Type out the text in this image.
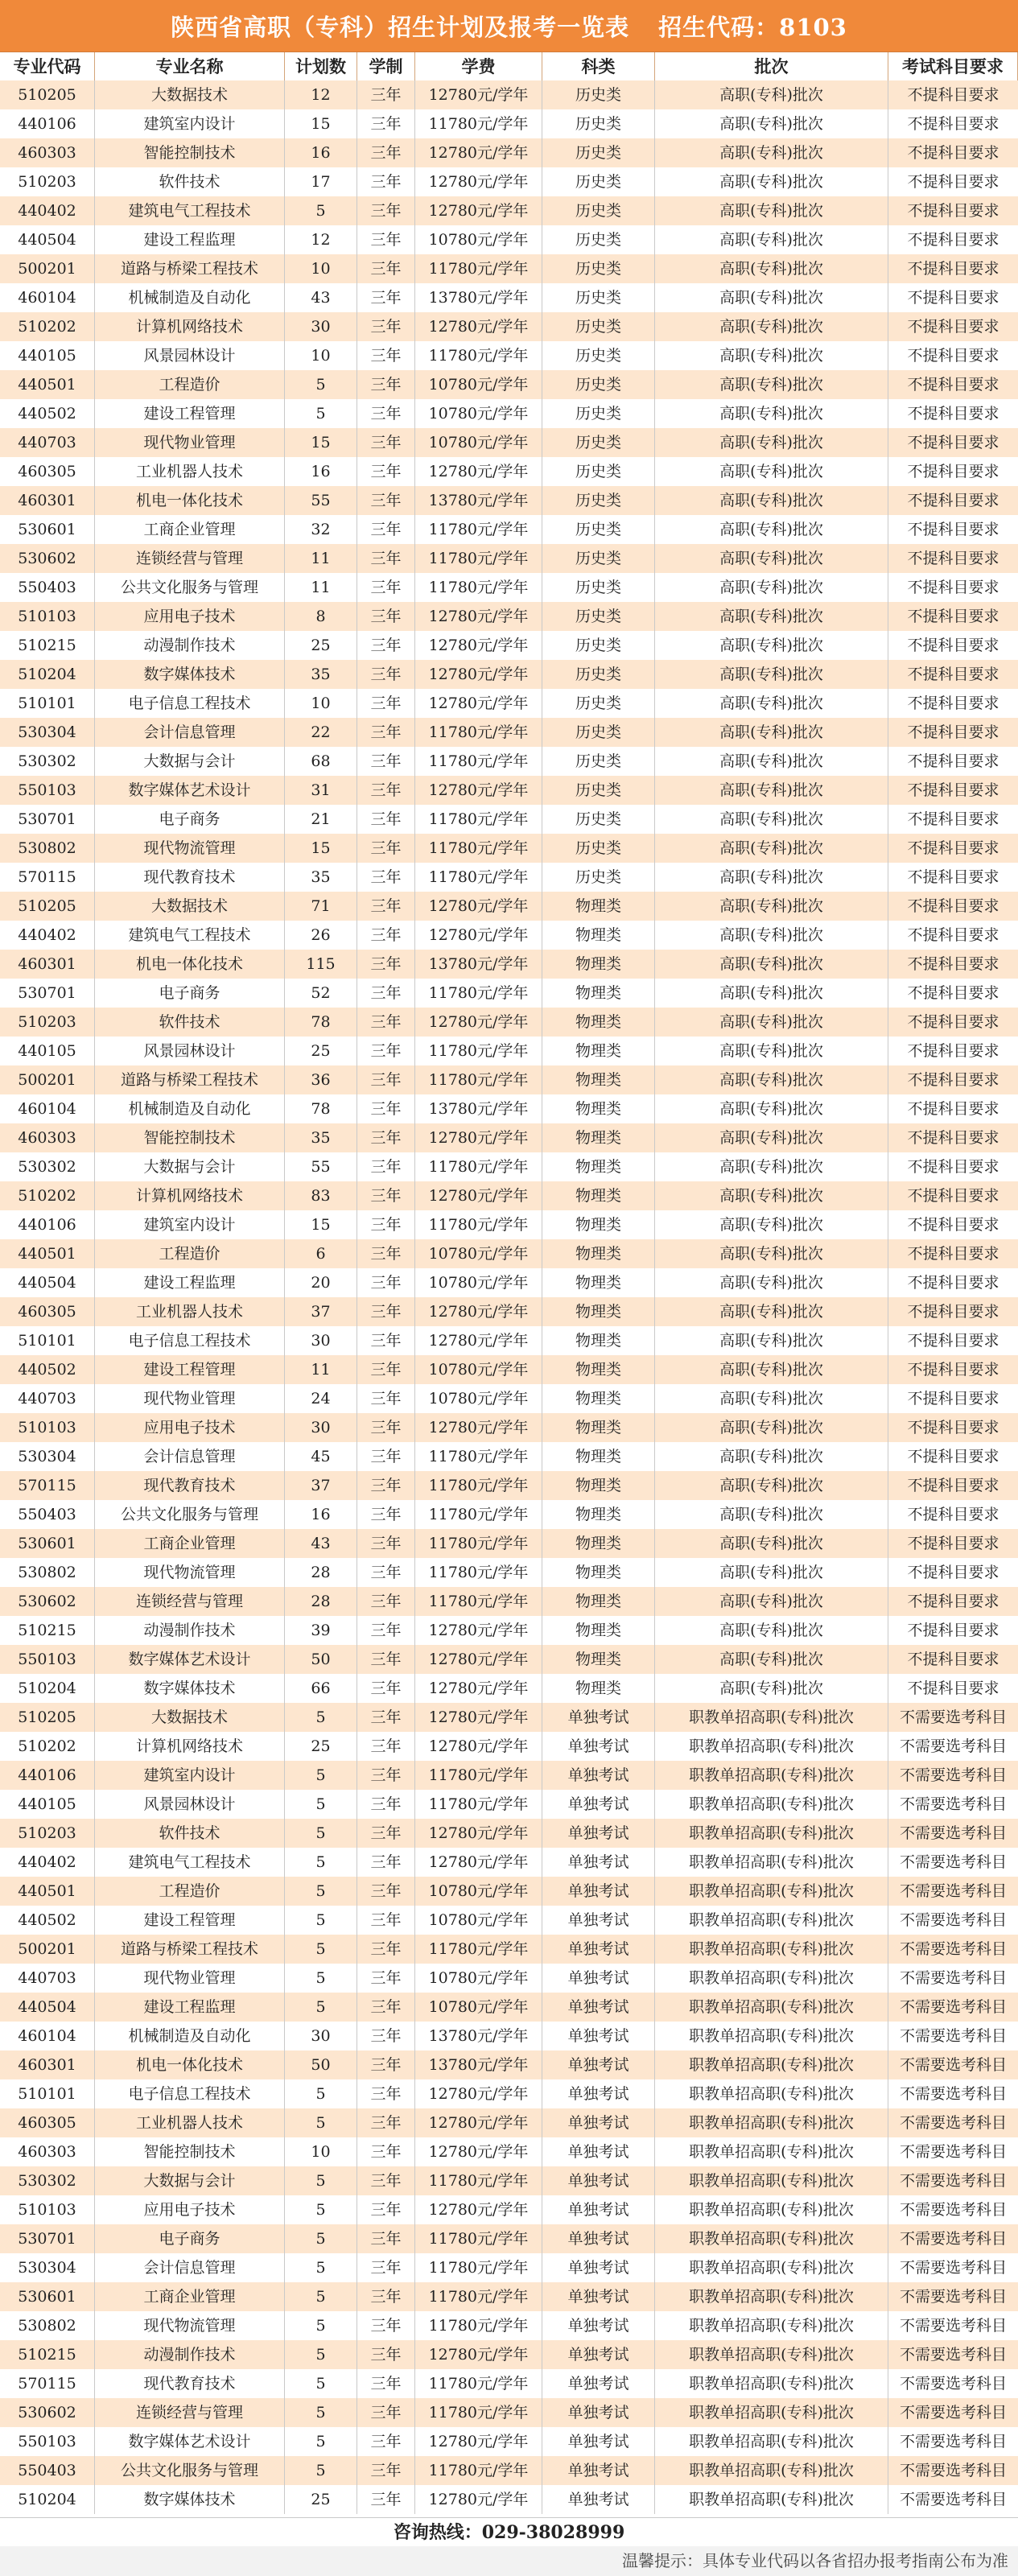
陕西省高职（专科）招生计划及报考一览表 招生代码：8103
专业代码	专业名称	计划数	学制	学费	科类	批次	考试科目要求
510205	大数据技术	12	三年	12780元/学年	历史类	高职(专科)批次	不提科目要求
440106	建筑室内设计	15	三年	11780元/学年	历史类	高职(专科)批次	不提科目要求
460303	智能控制技术	16	三年	12780元/学年	历史类	高职(专科)批次	不提科目要求
510203	软件技术	17	三年	12780元/学年	历史类	高职(专科)批次	不提科目要求
440402	建筑电气工程技术	5	三年	12780元/学年	历史类	高职(专科)批次	不提科目要求
440504	建设工程监理	12	三年	10780元/学年	历史类	高职(专科)批次	不提科目要求
500201	道路与桥梁工程技术	10	三年	11780元/学年	历史类	高职(专科)批次	不提科目要求
460104	机械制造及自动化	43	三年	13780元/学年	历史类	高职(专科)批次	不提科目要求
510202	计算机网络技术	30	三年	12780元/学年	历史类	高职(专科)批次	不提科目要求
440105	风景园林设计	10	三年	11780元/学年	历史类	高职(专科)批次	不提科目要求
440501	工程造价	5	三年	10780元/学年	历史类	高职(专科)批次	不提科目要求
440502	建设工程管理	5	三年	10780元/学年	历史类	高职(专科)批次	不提科目要求
440703	现代物业管理	15	三年	10780元/学年	历史类	高职(专科)批次	不提科目要求
460305	工业机器人技术	16	三年	12780元/学年	历史类	高职(专科)批次	不提科目要求
460301	机电一体化技术	55	三年	13780元/学年	历史类	高职(专科)批次	不提科目要求
530601	工商企业管理	32	三年	11780元/学年	历史类	高职(专科)批次	不提科目要求
530602	连锁经营与管理	11	三年	11780元/学年	历史类	高职(专科)批次	不提科目要求
550403	公共文化服务与管理	11	三年	11780元/学年	历史类	高职(专科)批次	不提科目要求
510103	应用电子技术	8	三年	12780元/学年	历史类	高职(专科)批次	不提科目要求
510215	动漫制作技术	25	三年	12780元/学年	历史类	高职(专科)批次	不提科目要求
510204	数字媒体技术	35	三年	12780元/学年	历史类	高职(专科)批次	不提科目要求
510101	电子信息工程技术	10	三年	12780元/学年	历史类	高职(专科)批次	不提科目要求
530304	会计信息管理	22	三年	11780元/学年	历史类	高职(专科)批次	不提科目要求
530302	大数据与会计	68	三年	11780元/学年	历史类	高职(专科)批次	不提科目要求
550103	数字媒体艺术设计	31	三年	12780元/学年	历史类	高职(专科)批次	不提科目要求
530701	电子商务	21	三年	11780元/学年	历史类	高职(专科)批次	不提科目要求
530802	现代物流管理	15	三年	11780元/学年	历史类	高职(专科)批次	不提科目要求
570115	现代教育技术	35	三年	11780元/学年	历史类	高职(专科)批次	不提科目要求
510205	大数据技术	71	三年	12780元/学年	物理类	高职(专科)批次	不提科目要求
440402	建筑电气工程技术	26	三年	12780元/学年	物理类	高职(专科)批次	不提科目要求
460301	机电一体化技术	115	三年	13780元/学年	物理类	高职(专科)批次	不提科目要求
530701	电子商务	52	三年	11780元/学年	物理类	高职(专科)批次	不提科目要求
510203	软件技术	78	三年	12780元/学年	物理类	高职(专科)批次	不提科目要求
440105	风景园林设计	25	三年	11780元/学年	物理类	高职(专科)批次	不提科目要求
500201	道路与桥梁工程技术	36	三年	11780元/学年	物理类	高职(专科)批次	不提科目要求
460104	机械制造及自动化	78	三年	13780元/学年	物理类	高职(专科)批次	不提科目要求
460303	智能控制技术	35	三年	12780元/学年	物理类	高职(专科)批次	不提科目要求
530302	大数据与会计	55	三年	11780元/学年	物理类	高职(专科)批次	不提科目要求
510202	计算机网络技术	83	三年	12780元/学年	物理类	高职(专科)批次	不提科目要求
440106	建筑室内设计	15	三年	11780元/学年	物理类	高职(专科)批次	不提科目要求
440501	工程造价	6	三年	10780元/学年	物理类	高职(专科)批次	不提科目要求
440504	建设工程监理	20	三年	10780元/学年	物理类	高职(专科)批次	不提科目要求
460305	工业机器人技术	37	三年	12780元/学年	物理类	高职(专科)批次	不提科目要求
510101	电子信息工程技术	30	三年	12780元/学年	物理类	高职(专科)批次	不提科目要求
440502	建设工程管理	11	三年	10780元/学年	物理类	高职(专科)批次	不提科目要求
440703	现代物业管理	24	三年	10780元/学年	物理类	高职(专科)批次	不提科目要求
510103	应用电子技术	30	三年	12780元/学年	物理类	高职(专科)批次	不提科目要求
530304	会计信息管理	45	三年	11780元/学年	物理类	高职(专科)批次	不提科目要求
570115	现代教育技术	37	三年	11780元/学年	物理类	高职(专科)批次	不提科目要求
550403	公共文化服务与管理	16	三年	11780元/学年	物理类	高职(专科)批次	不提科目要求
530601	工商企业管理	43	三年	11780元/学年	物理类	高职(专科)批次	不提科目要求
530802	现代物流管理	28	三年	11780元/学年	物理类	高职(专科)批次	不提科目要求
530602	连锁经营与管理	28	三年	11780元/学年	物理类	高职(专科)批次	不提科目要求
510215	动漫制作技术	39	三年	12780元/学年	物理类	高职(专科)批次	不提科目要求
550103	数字媒体艺术设计	50	三年	12780元/学年	物理类	高职(专科)批次	不提科目要求
510204	数字媒体技术	66	三年	12780元/学年	物理类	高职(专科)批次	不提科目要求
510205	大数据技术	5	三年	12780元/学年	单独考试	职教单招高职(专科)批次	不需要选考科目
510202	计算机网络技术	25	三年	12780元/学年	单独考试	职教单招高职(专科)批次	不需要选考科目
440106	建筑室内设计	5	三年	11780元/学年	单独考试	职教单招高职(专科)批次	不需要选考科目
440105	风景园林设计	5	三年	11780元/学年	单独考试	职教单招高职(专科)批次	不需要选考科目
510203	软件技术	5	三年	12780元/学年	单独考试	职教单招高职(专科)批次	不需要选考科目
440402	建筑电气工程技术	5	三年	12780元/学年	单独考试	职教单招高职(专科)批次	不需要选考科目
440501	工程造价	5	三年	10780元/学年	单独考试	职教单招高职(专科)批次	不需要选考科目
440502	建设工程管理	5	三年	10780元/学年	单独考试	职教单招高职(专科)批次	不需要选考科目
500201	道路与桥梁工程技术	5	三年	11780元/学年	单独考试	职教单招高职(专科)批次	不需要选考科目
440703	现代物业管理	5	三年	10780元/学年	单独考试	职教单招高职(专科)批次	不需要选考科目
440504	建设工程监理	5	三年	10780元/学年	单独考试	职教单招高职(专科)批次	不需要选考科目
460104	机械制造及自动化	30	三年	13780元/学年	单独考试	职教单招高职(专科)批次	不需要选考科目
460301	机电一体化技术	50	三年	13780元/学年	单独考试	职教单招高职(专科)批次	不需要选考科目
510101	电子信息工程技术	5	三年	12780元/学年	单独考试	职教单招高职(专科)批次	不需要选考科目
460305	工业机器人技术	5	三年	12780元/学年	单独考试	职教单招高职(专科)批次	不需要选考科目
460303	智能控制技术	10	三年	12780元/学年	单独考试	职教单招高职(专科)批次	不需要选考科目
530302	大数据与会计	5	三年	11780元/学年	单独考试	职教单招高职(专科)批次	不需要选考科目
510103	应用电子技术	5	三年	12780元/学年	单独考试	职教单招高职(专科)批次	不需要选考科目
530701	电子商务	5	三年	11780元/学年	单独考试	职教单招高职(专科)批次	不需要选考科目
530304	会计信息管理	5	三年	11780元/学年	单独考试	职教单招高职(专科)批次	不需要选考科目
530601	工商企业管理	5	三年	11780元/学年	单独考试	职教单招高职(专科)批次	不需要选考科目
530802	现代物流管理	5	三年	11780元/学年	单独考试	职教单招高职(专科)批次	不需要选考科目
510215	动漫制作技术	5	三年	12780元/学年	单独考试	职教单招高职(专科)批次	不需要选考科目
570115	现代教育技术	5	三年	11780元/学年	单独考试	职教单招高职(专科)批次	不需要选考科目
530602	连锁经营与管理	5	三年	11780元/学年	单独考试	职教单招高职(专科)批次	不需要选考科目
550103	数字媒体艺术设计	5	三年	12780元/学年	单独考试	职教单招高职(专科)批次	不需要选考科目
550403	公共文化服务与管理	5	三年	11780元/学年	单独考试	职教单招高职(专科)批次	不需要选考科目
510204	数字媒体技术	25	三年	12780元/学年	单独考试	职教单招高职(专科)批次	不需要选考科目
咨询热线：029-38028999
温馨提示：具体专业代码以各省招办报考指南公布为准
